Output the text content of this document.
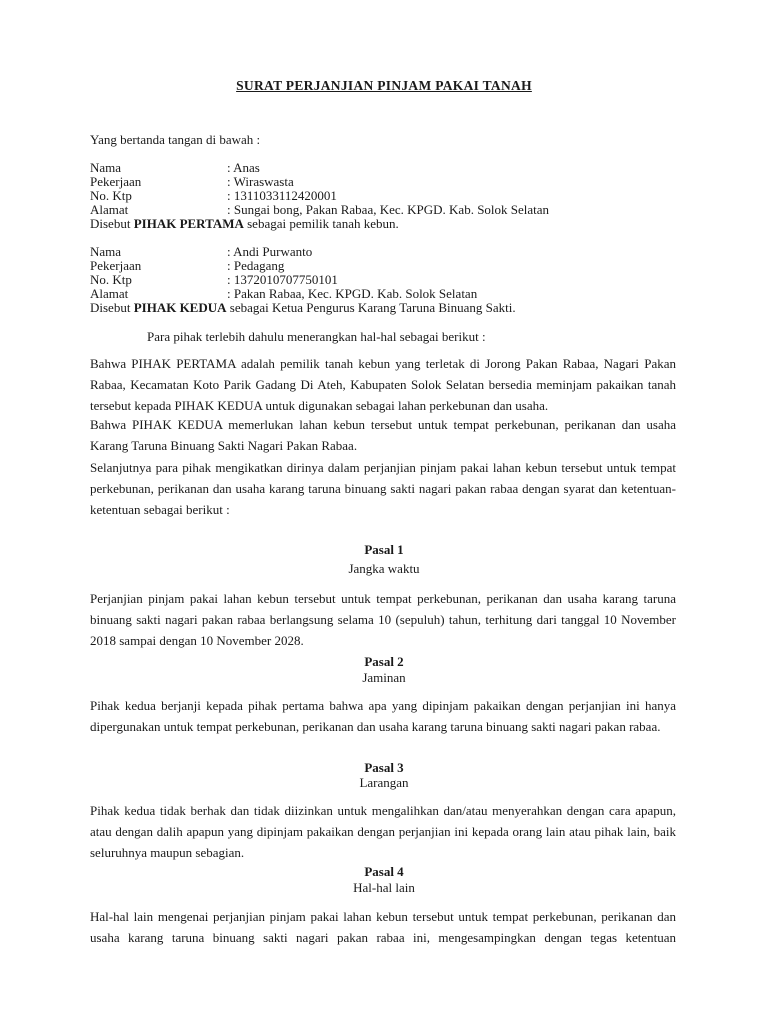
SURAT PERJANJIAN PINJAM PAKAI TANAH
Yang bertanda tangan di bawah :
Nama	: Anas
Pekerjaan	: Wiraswasta
No. Ktp	: 1311033112420001
Alamat	: Sungai bong, Pakan Rabaa, Kec. KPGD. Kab. Solok Selatan
Disebut PIHAK PERTAMA sebagai pemilik tanah kebun.
Nama	: Andi Purwanto
Pekerjaan	: Pedagang
No. Ktp	: 1372010707750101
Alamat	: Pakan Rabaa, Kec. KPGD. Kab. Solok Selatan
Disebut PIHAK KEDUA sebagai Ketua Pengurus Karang Taruna Binuang Sakti.
Para pihak terlebih dahulu menerangkan hal-hal sebagai berikut :
Bahwa PIHAK PERTAMA adalah pemilik tanah kebun yang terletak di Jorong Pakan Rabaa, Nagari Pakan Rabaa, Kecamatan Koto Parik Gadang Di Ateh, Kabupaten Solok Selatan bersedia meminjam pakaikan tanah tersebut kepada PIHAK KEDUA untuk digunakan sebagai lahan perkebunan dan usaha.
Bahwa PIHAK KEDUA memerlukan lahan kebun tersebut untuk tempat perkebunan, perikanan dan usaha Karang Taruna Binuang Sakti Nagari Pakan Rabaa.
Selanjutnya para pihak mengikatkan dirinya dalam perjanjian pinjam pakai lahan kebun tersebut untuk tempat perkebunan, perikanan dan usaha karang taruna binuang sakti nagari pakan rabaa dengan syarat dan ketentuan-ketentuan sebagai berikut :
Pasal 1
Jangka waktu
Perjanjian pinjam pakai lahan kebun tersebut untuk tempat perkebunan, perikanan dan usaha karang taruna binuang sakti nagari pakan rabaa berlangsung selama 10 (sepuluh) tahun, terhitung dari tanggal 10 November 2018 sampai dengan 10 November 2028.
Pasal 2
Jaminan
Pihak kedua berjanji kepada pihak pertama bahwa apa yang dipinjam pakaikan dengan perjanjian ini hanya dipergunakan untuk tempat perkebunan, perikanan dan usaha karang taruna binuang sakti nagari pakan rabaa.
Pasal 3
Larangan
Pihak kedua tidak berhak dan tidak diizinkan untuk mengalihkan dan/atau menyerahkan dengan cara apapun, atau dengan dalih apapun yang dipinjam pakaikan dengan perjanjian ini kepada orang lain atau pihak lain, baik seluruhnya maupun sebagian.
Pasal 4
Hal-hal lain
Hal-hal lain mengenai perjanjian pinjam pakai lahan kebun tersebut untuk tempat perkebunan, perikanan dan usaha karang taruna binuang sakti nagari pakan rabaa ini, mengesampingkan dengan tegas ketentuan
